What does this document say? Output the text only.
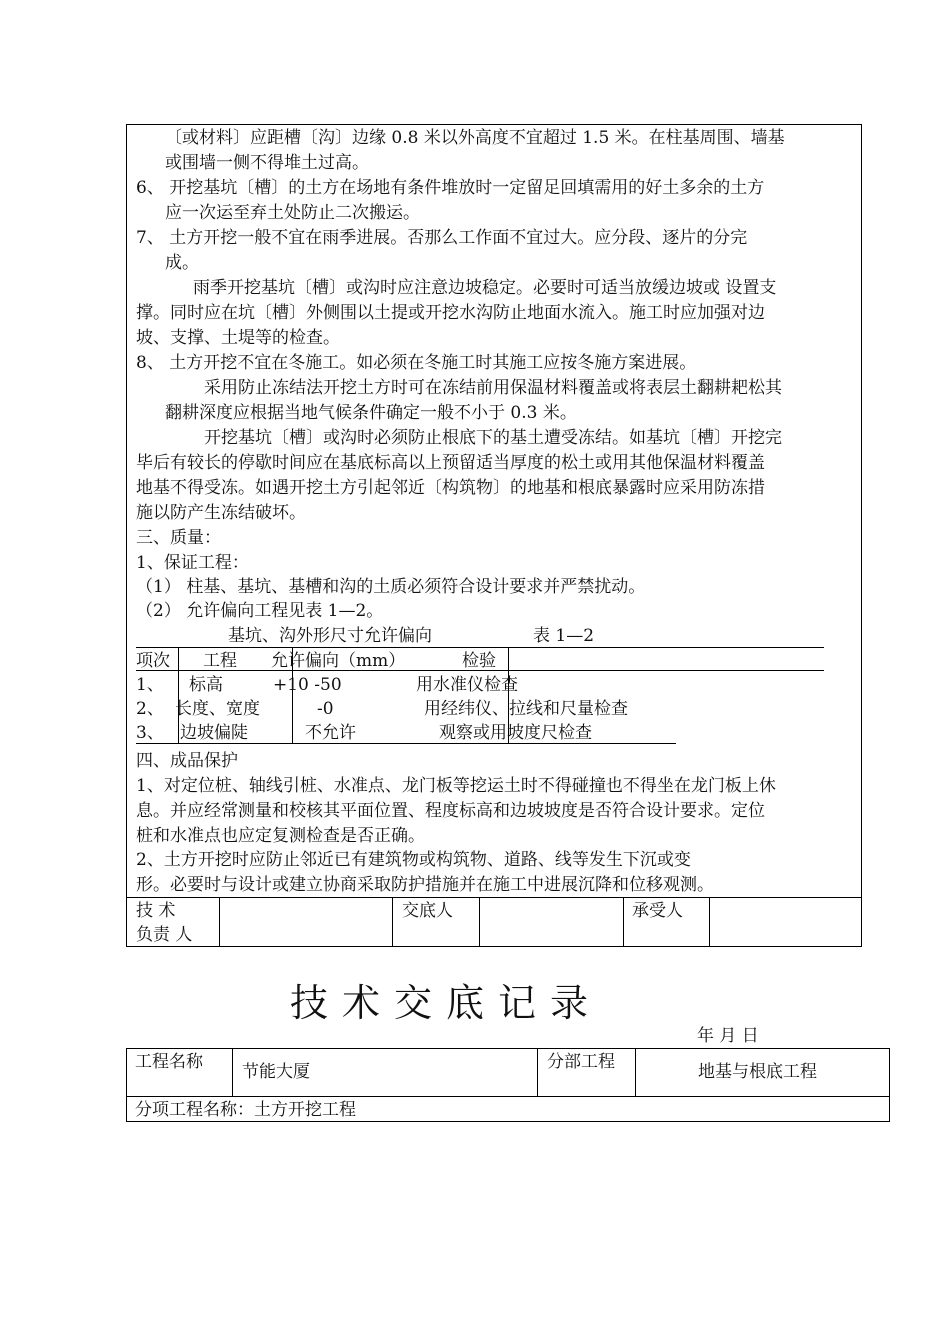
〔或材料〕应距槽〔沟〕边缘 0.8 米以外高度不宜超过 1.5 米。在柱基周围、墙基
或围墙一侧不得堆土过高。
6、 开挖基坑〔槽〕的土方在场地有条件堆放时一定留足回填需用的好土多余的土方
应一次运至弃土处防止二次搬运。
7、 土方开挖一般不宜在雨季进展。否那么工作面不宜过大。应分段、逐片的分完
成。
雨季开挖基坑〔槽〕或沟时应注意边坡稳定。必要时可适当放缓边坡或 设置支
撑。同时应在坑〔槽〕外侧围以土提或开挖水沟防止地面水流入。施工时应加强对边
坡、支撑、土堤等的检查。
8、 土方开挖不宜在冬施工。如必须在冬施工时其施工应按冬施方案进展。
采用防止冻结法开挖土方时可在冻结前用保温材料覆盖或将表层土翻耕耙松其
翻耕深度应根据当地气候条件确定一般不小于 0.3 米。
开挖基坑〔槽〕或沟时必须防止根底下的基土遭受冻结。如基坑〔槽〕开挖完
毕后有较长的停歇时间应在基底标高以上预留适当厚度的松土或用其他保温材料覆盖
地基不得受冻。如遇开挖土方引起邻近〔构筑物〕的地基和根底暴露时应采用防冻措
施以防产生冻结破坏。
三、质量：
1、保证工程：
（1） 柱基、基坑、基槽和沟的土质必须符合设计要求并严禁扰动。
（2） 允许偏向工程见表 1—2。
基坑、沟外形尺寸允许偏向	表 1—2
项次 工程 允许偏向（mm）	检验
1、 标高	+10 -50	用水准仪检查
2、 长度、宽度	-0	用经纬仪、拉线和尺量检查
3、 边坡偏陡	不允许	观察或用坡度尺检查
四、成品保护
1、对定位桩、轴线引桩、水准点、龙门板等挖运土时不得碰撞也不得坐在龙门板上休
息。并应经常测量和校核其平面位置、程度标高和边坡坡度是否符合设计要求。定位
桩和水准点也应定复测检查是否正确。
2、土方开挖时应防止邻近已有建筑物或构筑物、道路、线等发生下沉或变
形。必要时与设计或建立协商采取防护措施并在施工中进展沉降和位移观测。
技 术
负责 人
交底人	承受人
技术交底记录
年 月 日
工程名称 节能大厦	分部工程	地基与根底工程
分项工程名称：土方开挖工程
